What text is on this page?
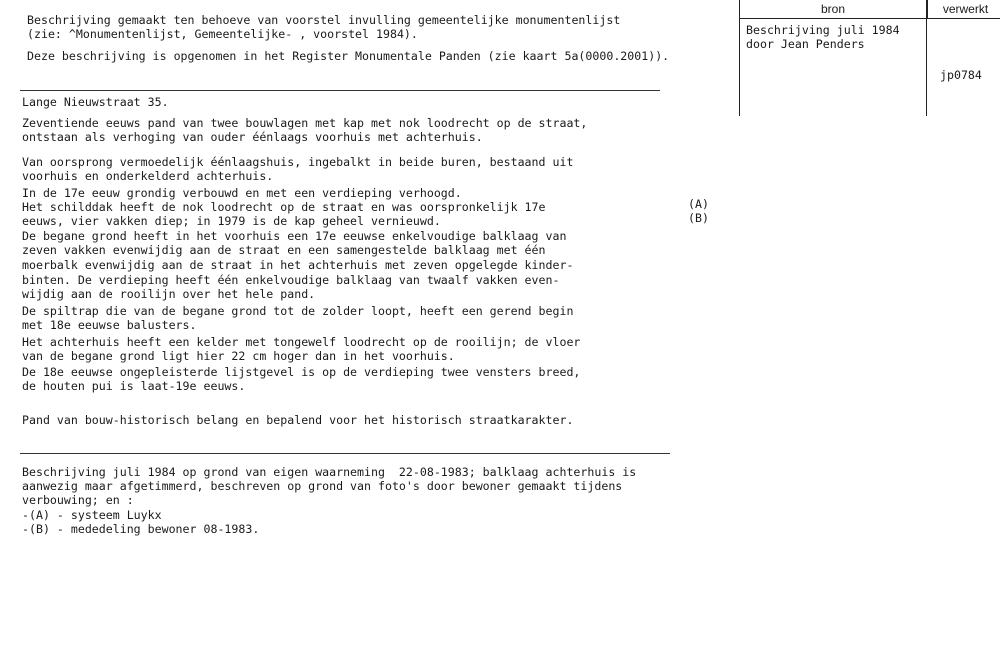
Beschrijving gemaakt ten behoeve van voorstel invulling gemeentelijke monumentenlijst
(zie: ^Monumentenlijst, Gemeentelijke- , voorstel 1984).
Deze beschrijving is opgenomen in het Register Monumentale Panden (zie kaart 5a(0000.2001)).
bron	verwerkt
Beschrijving juli 1984
door Jean Penders
jp0784
Lange Nieuwstraat 35.
Zeventiende eeuws pand van twee bouwlagen met kap met nok loodrecht op de straat,
ontstaan als verhoging van ouder éénlaags voorhuis met achterhuis.
Van oorsprong vermoedelijk éénlaagshuis, ingebalkt in beide buren, bestaand uit
voorhuis en onderkelderd achterhuis.
In de 17e eeuw grondig verbouwd en met een verdieping verhoogd.
Het schilddak heeft de nok loodrecht op de straat en was oorspronkelijk 17e
eeuws, vier vakken diep; in 1979 is de kap geheel vernieuwd.
De begane grond heeft in het voorhuis een 17e eeuwse enkelvoudige balklaag van
zeven vakken evenwijdig aan de straat en een samengestelde balklaag met één
moerbalk evenwijdig aan de straat in het achterhuis met zeven opgelegde kinder-
binten. De verdieping heeft één enkelvoudige balklaag van twaalf vakken even-
wijdig aan de rooilijn over het hele pand.
De spiltrap die van de begane grond tot de zolder loopt, heeft een gerend begin
met 18e eeuwse balusters.
Het achterhuis heeft een kelder met tongewelf loodrecht op de rooilijn; de vloer
van de begane grond ligt hier 22 cm hoger dan in het voorhuis.
De 18e eeuwse ongepleisterde lijstgevel is op de verdieping twee vensters breed,
de houten pui is laat-19e eeuws.
(A)
(B)
Pand van bouw-historisch belang en bepalend voor het historisch straatkarakter.
Beschrijving juli 1984 op grond van eigen waarneming  22-08-1983; balklaag achterhuis is
aanwezig maar afgetimmerd, beschreven op grond van foto's door bewoner gemaakt tijdens
verbouwing; en :
-(A) - systeem Luykx
-(B) - mededeling bewoner 08-1983.
